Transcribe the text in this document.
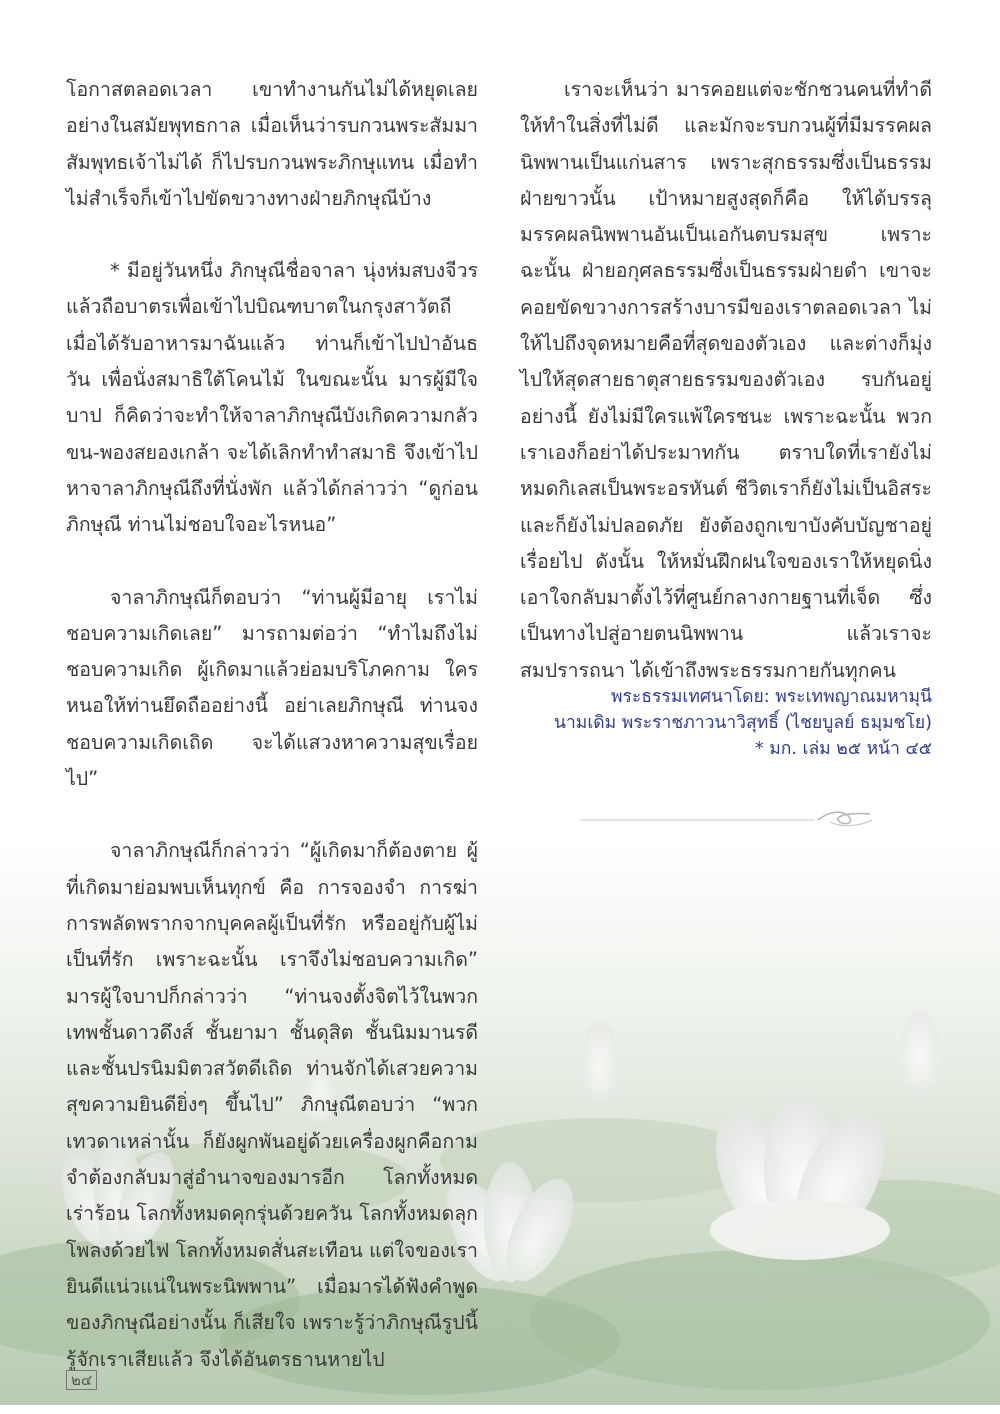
โอกาสตลอดเวลา เขาทำงานกันไม่ได้หยุดเลย อย่างในสมัยพุทธกาล เมื่อเห็นว่ารบกวนพระสัมมาสัมพุทธเจ้าไม่ได้ ก็ไปรบกวนพระภิกษุแทน เมื่อทำไม่สำเร็จก็เข้าไปขัดขวางทางฝ่ายภิกษุณีบ้าง

* มีอยู่วันหนึ่ง ภิกษุณีชื่อจาลา นุ่งห่มสบงจีวร แล้วถือบาตรเพื่อเข้าไปบิณฑบาตในกรุงสาวัตถี เมื่อได้รับอาหารมาฉันแล้ว ท่านก็เข้าไปป่าอันธวัน เพื่อนั่งสมาธิใต้โคนไม้ ในขณะนั้น มารผู้มีใจบาป ก็คิดว่าจะทำให้จาลาภิกษุณีบังเกิดความกลัวขน-พองสยองเกล้า จะได้เลิกทำทำสมาธิ จึงเข้าไปหาจาลาภิกษุณีถึงที่นั่งพัก แล้วได้กล่าวว่า “ดูก่อนภิกษุณี ท่านไม่ชอบใจอะไรหนอ”

จาลาภิกษุณีก็ตอบว่า “ท่านผู้มีอายุ เราไม่ชอบความเกิดเลย” มารถามต่อว่า “ทำไมถึงไม่ชอบความเกิด ผู้เกิดมาแล้วย่อมบริโภคกาม ใครหนอให้ท่านยึดถืออย่างนี้ อย่าเลยภิกษุณี ท่านจงชอบความเกิดเถิด จะได้แสวงหาความสุขเรื่อยไป”

จาลาภิกษุณีก็กล่าวว่า “ผู้เกิดมาก็ต้องตาย ผู้ที่เกิดมาย่อมพบเห็นทุกข์ คือ การจองจำ การฆ่า การพลัดพรากจากบุคคลผู้เป็นที่รัก หรืออยู่กับผู้ไม่เป็นที่รัก เพราะฉะนั้น เราจึงไม่ชอบความเกิด” มารผู้ใจบาปก็กล่าวว่า “ท่านจงตั้งจิตไว้ในพวกเทพชั้นดาวดึงส์ ชั้นยามา ชั้นดุสิต ชั้นนิมมานรดี และชั้นปรนิมมิตวสวัตดีเถิด ท่านจักได้เสวยความสุขความยินดียิ่งๆ ขึ้นไป” ภิกษุณีตอบว่า “พวกเทวดาเหล่านั้น ก็ยังผูกพันอยู่ด้วยเครื่องผูกคือกาม จำต้องกลับมาสู่อำนาจของมารอีก โลกทั้งหมดเร่าร้อน โลกทั้งหมดคุกรุ่นด้วยควัน โลกทั้งหมดลุกโพลงด้วยไฟ โลกทั้งหมดสั่นสะเทือน แต่ใจของเรายินดีแน่วแน่ในพระนิพพาน” เมื่อมารได้ฟังคำพูดของภิกษุณีอย่างนั้น ก็เสียใจ เพราะรู้ว่าภิกษุณีรูปนี้รู้จักเราเสียแล้ว จึงได้อันตรธานหายไป

เราจะเห็นว่า มารคอยแต่จะชักชวนคนที่ทำดีให้ทำในสิ่งที่ไม่ดี และมักจะรบกวนผู้ที่มีมรรคผลนิพพานเป็นแก่นสาร เพราะสุกธรรมซึ่งเป็นธรรมฝ่ายขาวนั้น เป้าหมายสูงสุดก็คือ ให้ได้บรรลุมรรคผลนิพพานอันเป็นเอกันตบรมสุข เพราะฉะนั้น ฝ่ายอกุศลธรรมซึ่งเป็นธรรมฝ่ายดำ เขาจะคอยขัดขวางการสร้างบารมีของเราตลอดเวลา ไม่ให้ไปถึงจุดหมายคือที่สุดของตัวเอง และต่างก็มุ่งไปให้สุดสายธาตุสายธรรมของตัวเอง รบกันอยู่อย่างนี้ ยังไม่มีใครแพ้ใครชนะ เพราะฉะนั้น พวกเราเองก็อย่าได้ประมาทกัน ตราบใดที่เรายังไม่หมดกิเลสเป็นพระอรหันต์ ชีวิตเราก็ยังไม่เป็นอิสระและก็ยังไม่ปลอดภัย ยังต้องถูกเขาบังคับบัญชาอยู่เรื่อยไป ดังนั้น ให้หมั่นฝึกฝนใจของเราให้หยุดนิ่งเอาใจกลับมาตั้งไว้ที่ศูนย์กลางกายฐานที่เจ็ด ซึ่งเป็นทางไปสู่อายตนนิพพาน แล้วเราจะสมปรารถนา ได้เข้าถึงพระธรรมกายกันทุกคน

พระธรรมเทศนาโดย: พระเทพญาณมหามุนี
นามเดิม พระราชภาวนาวิสุทธิ์ (ไชยบูลย์ ธมฺมชโย)
* มก. เล่ม ๒๕ หน้า ๔๕
๒๔
